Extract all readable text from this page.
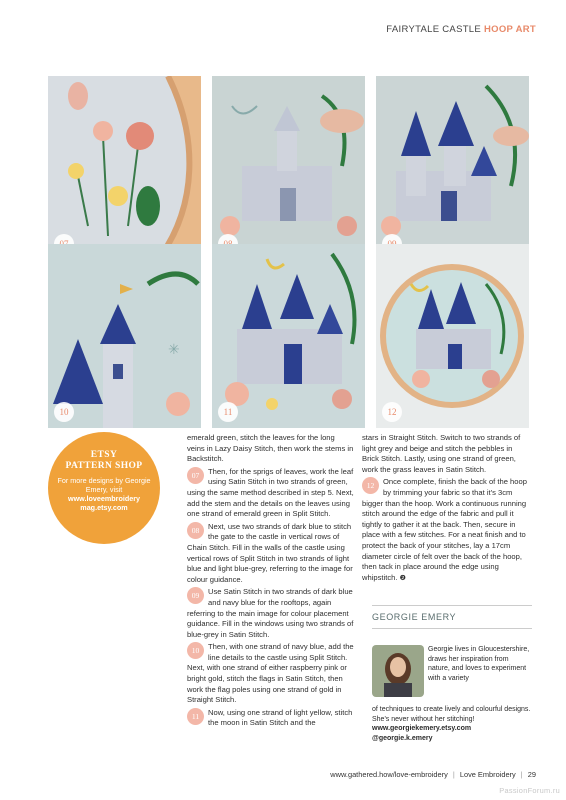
FAIRYTALE CASTLE HOOP ART
✳
10	11	12
ETSY
PATTERN SHOP
For more designs by Georgie Emery, visit
www.loveembroidery
mag.etsy.com

emerald green, stitch the leaves for the long veins in Lazy Daisy Stitch, then work the stems in Backstitch.

07	Then, for the sprigs of leaves, work the leaf using Satin Stitch in two strands of green, using the same method described in step 5. Next, add the stem and the details on the leaves using one strand of emerald green in Split Stitch.

08	Next, use two strands of dark blue to stitch the gate to the castle in vertical rows of Chain Stitch. Fill in the walls of the castle using vertical rows of Split Stitch in two strands of light blue and light blue-grey, referring to the image for colour guidance.

09	Use Satin Stitch in two strands of dark blue and navy blue for the rooftops, again referring to the main image for colour placement guidance. Fill in the windows using two strands of blue-grey in Satin Stitch.

10	Then, with one strand of navy blue, add the line details to the castle using Split Stitch. Next, with one strand of either raspberry pink or bright gold, stitch the flags in Satin Stitch, then work the flag poles using one strand of gold in Straight Stitch.

11	Now, using one strand of light yellow, stitch the moon in Satin Stitch and the

stars in Straight Stitch. Switch to two strands of light grey and beige and stitch the pebbles in Brick Stitch. Lastly, using one strand of green, work the grass leaves in Satin Stitch.

12	Once complete, finish the back of the hoop by trimming your fabric so that it's 3cm bigger than the hoop. Work a continuous running stitch around the edge of the fabric and pull it tightly to gather it at the back. Then, secure in place with a few stitches. For a neat finish and to protect the back of your stitches, lay a 17cm diameter circle of felt over the back of the hoop, then tack in place around the edge using whipstitch. ❷

GEORGIE EMERY
Georgie lives in Gloucestershire, draws her inspiration from nature, and loves to experiment with a variety
of techniques to create lively and colourful designs. She's never without her stitching!
www.georgiekemery.etsy.com
@georgie.k.emery
www.gathered.how/love-embroidery | Love Embroidery | 29
PassionForum.ru
